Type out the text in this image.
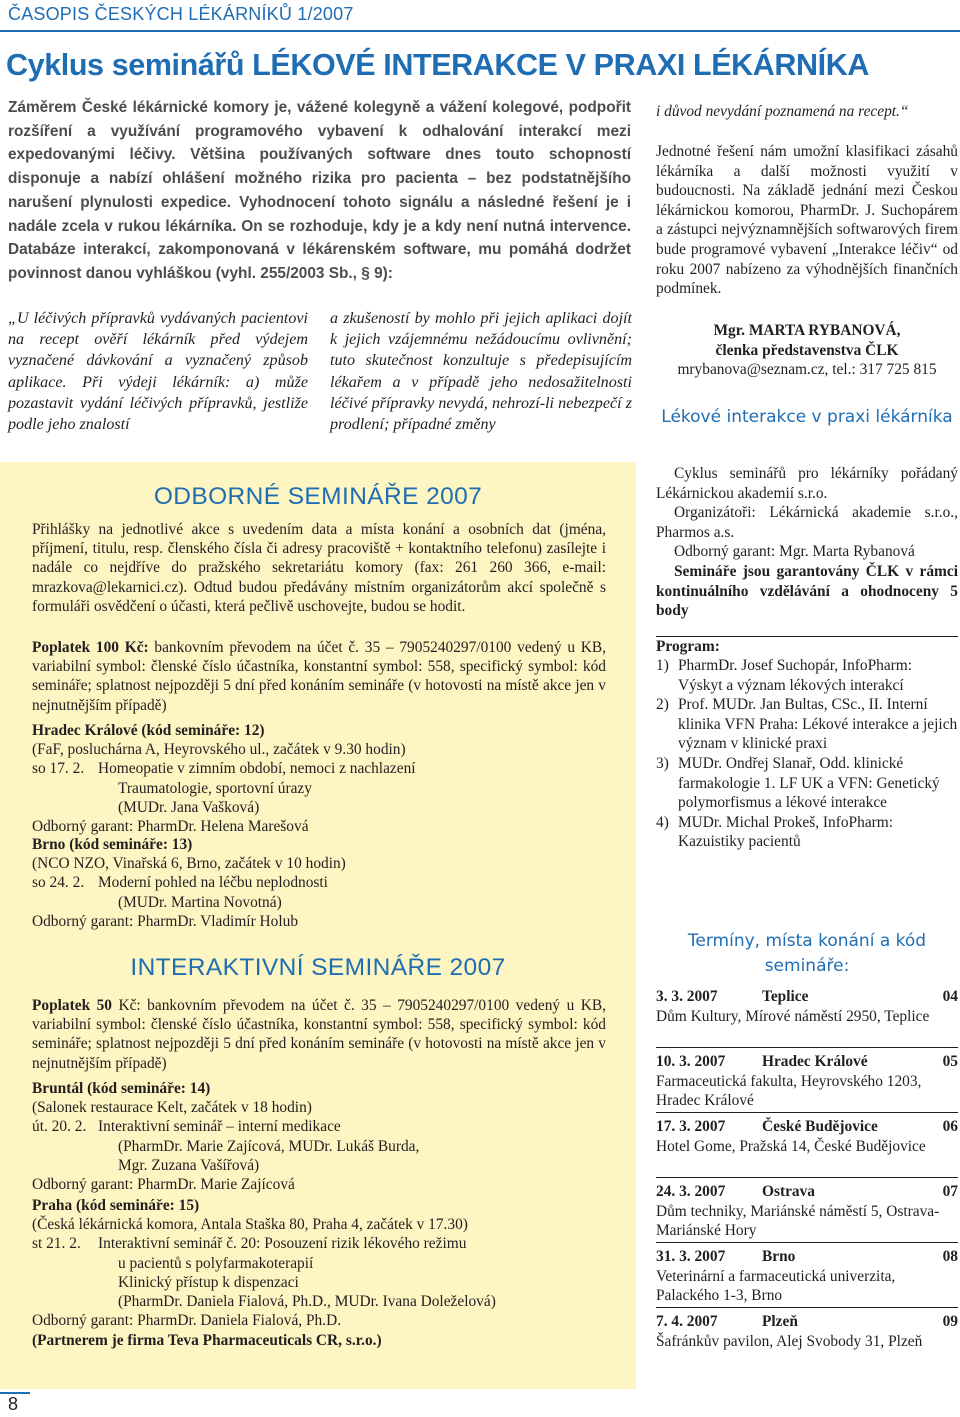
ČASOPIS ČESKÝCH LÉKÁRNÍKŮ 1/2007
Cyklus seminářů LÉKOVÉ INTERAKCE V PRAXI LÉKÁRNÍKA
Záměrem České lékárnické komory je, vážené kolegyně a vážení kolegové, podpořit rozšíření a využívání programového vybavení k odhalování interakcí mezi expedovanými léčivy. Většina používaných software dnes touto schopností disponuje a nabízí ohlášení možného rizika pro pacienta – bez podstatnějšího narušení plynulosti expedice. Vyhodnocení tohoto signálu a následné řešení je i nadále zcela v rukou lékárníka. On se rozhoduje, kdy je a kdy není nutná intervence. Databáze interakcí, zakomponovaná v lékárenském software, mu pomáhá dodržet povinnost danou vyhláškou (vyhl. 255/2003 Sb., § 9):
„U léčivých přípravků vydávaných pacientovi na recept ověří lékárník před výdejem vyznačené dávkování a vyznačený způsob aplikace. Při výdeji lékárník: a) může pozastavit vydání léčivých přípravků, jestliže podle jeho znalostí
a zkušeností by mohlo při jejich aplikaci dojít k jejich vzájemnému nežádoucímu ovlivnění; tuto skutečnost konzultuje s předepisujícím lékařem a v případě jeho nedosažitelnosti léčivé přípravky nevydá, nehrozí-li nebezpečí z prodlení; případné změny
ODBORNÉ SEMINÁŘE 2007
Přihlášky na jednotlivé akce s uvedením data a místa konání a osobních dat (jména, příjmení, titulu, resp. členského čísla či adresy pracoviště + kontaktního telefonu) zasílejte i nadále co nejdříve do pražského sekretariátu komory (fax: 261 260 366, e-mail: mrazkova@lekarnici.cz). Odtud budou předávány místním organizátorům akcí společně s formuláři osvědčení o účasti, která pečlivě uschovejte, budou se hodit.
Poplatek 100 Kč: bankovním převodem na účet č. 35 – 7905240297/0100 vedený u KB, variabilní symbol: členské číslo účastníka, konstantní symbol: 558, specifický symbol: kód semináře; splatnost nejpozději 5 dní před konáním semináře (v hotovosti na místě akce jen v nejnutnějším případě)
Hradec Králové (kód semináře: 12)
(FaF, posluchárna A, Heyrovského ul., začátek v 9.30 hodin)
so 17. 2. Homeopatie v zimním období, nemoci z nachlazení
Traumatologie, sportovní úrazy
(MUDr. Jana Vašková)
Odborný garant: PharmDr. Helena Marešová
Brno (kód semináře: 13)
(NCO NZO, Vinařská 6, Brno, začátek v 10 hodin)
so 24. 2. Moderní pohled na léčbu neplodnosti
(MUDr. Martina Novotná)
Odborný garant: PharmDr. Vladimír Holub
INTERAKTIVNÍ SEMINÁŘE 2007
Poplatek 50 Kč: bankovním převodem na účet č. 35 – 7905240297/0100 vedený u KB, variabilní symbol: členské číslo účastníka, konstantní symbol: 558, specifický symbol: kód semináře; splatnost nejpozději 5 dní před konáním semináře (v hotovosti na místě akce jen v nejnutnějším případě)
Bruntál (kód semináře: 14)
(Salonek restaurace Kelt, začátek v 18 hodin)
út. 20. 2. Interaktivní seminář – interní medikace
(PharmDr. Marie Zajícová, MUDr. Lukáš Burda,
Mgr. Zuzana Vašířová)
Odborný garant: PharmDr. Marie Zajícová
Praha (kód semináře: 15)
(Česká lékárnická komora, Antala Staška 80, Praha 4, začátek v 17.30)
st 21. 2.	Interaktivní seminář č. 20: Posouzení rizik lékového režimu
u pacientů s polyfarmakoterapií
Klinický přístup k dispenzaci
(PharmDr. Daniela Fialová, Ph.D., MUDr. Ivana Doleželová)
Odborný garant: PharmDr. Daniela Fialová, Ph.D.
(Partnerem je firma Teva Pharmaceuticals CR, s.r.o.)
8

i důvod nevydání poznamená na recept.“

Jednotné řešení nám umožní klasifikaci zásahů lékárníka a další možnosti využití v budoucnosti. Na základě jednání mezi Českou lékárnickou komorou, PharmDr. J. Suchopárem a zástupci nejvýznamnějších softwarových firem bude programové vybavení „Interakce léčiv“ od roku 2007 nabízeno za výhodnějších finančních podmínek.

Mgr. MARTA RYBANOVÁ,
členka představenstva ČLK
mrybanova@seznam.cz, tel.: 317 725 815
Lékové interakce v praxi lékárníka

Cyklus seminářů pro lékárníky pořádaný Lékárnickou akademií s.r.o.

Organizátoři: Lékárnická akademie s.r.o., Pharmos a.s.

Odborný garant: Mgr. Marta Rybanová

Semináře jsou garantovány ČLK v rámci kontinuálního vzdělávání a ohodnoceny 5 body

Program:
1) PharmDr. Josef Suchopár, InfoPharm: Výskyt a význam lékových interakcí
2) Prof. MUDr. Jan Bultas, CSc., II. Interní klinika VFN Praha: Lékové interakce a jejich význam v klinické praxi
3) MUDr. Ondřej Slanař, Odd. klinické farmakologie 1. LF UK a VFN: Genetický polymorfismus a lékové interakce
4) MUDr. Michal Prokeš, InfoPharm: Kazuistiky pacientů
Termíny, místa konání a kód semináře:
3. 3. 2007	Teplice	04
Dům Kultury, Mírové náměstí 2950, Teplice
10. 3. 2007	Hradec Králové	05
Farmaceutická fakulta, Heyrovského 1203, Hradec Králové
17. 3. 2007	České Budějovice	06
Hotel Gome, Pražská 14, České Budějovice
24. 3. 2007	Ostrava	07
Dům techniky, Mariánské náměstí 5, Ostrava-Mariánské Hory
31. 3. 2007	Brno	08
Veterinární a farmaceutická univerzita, Palackého 1-3, Brno
7. 4. 2007	Plzeň	09
Šafránkův pavilon, Alej Svobody 31, Plzeň
